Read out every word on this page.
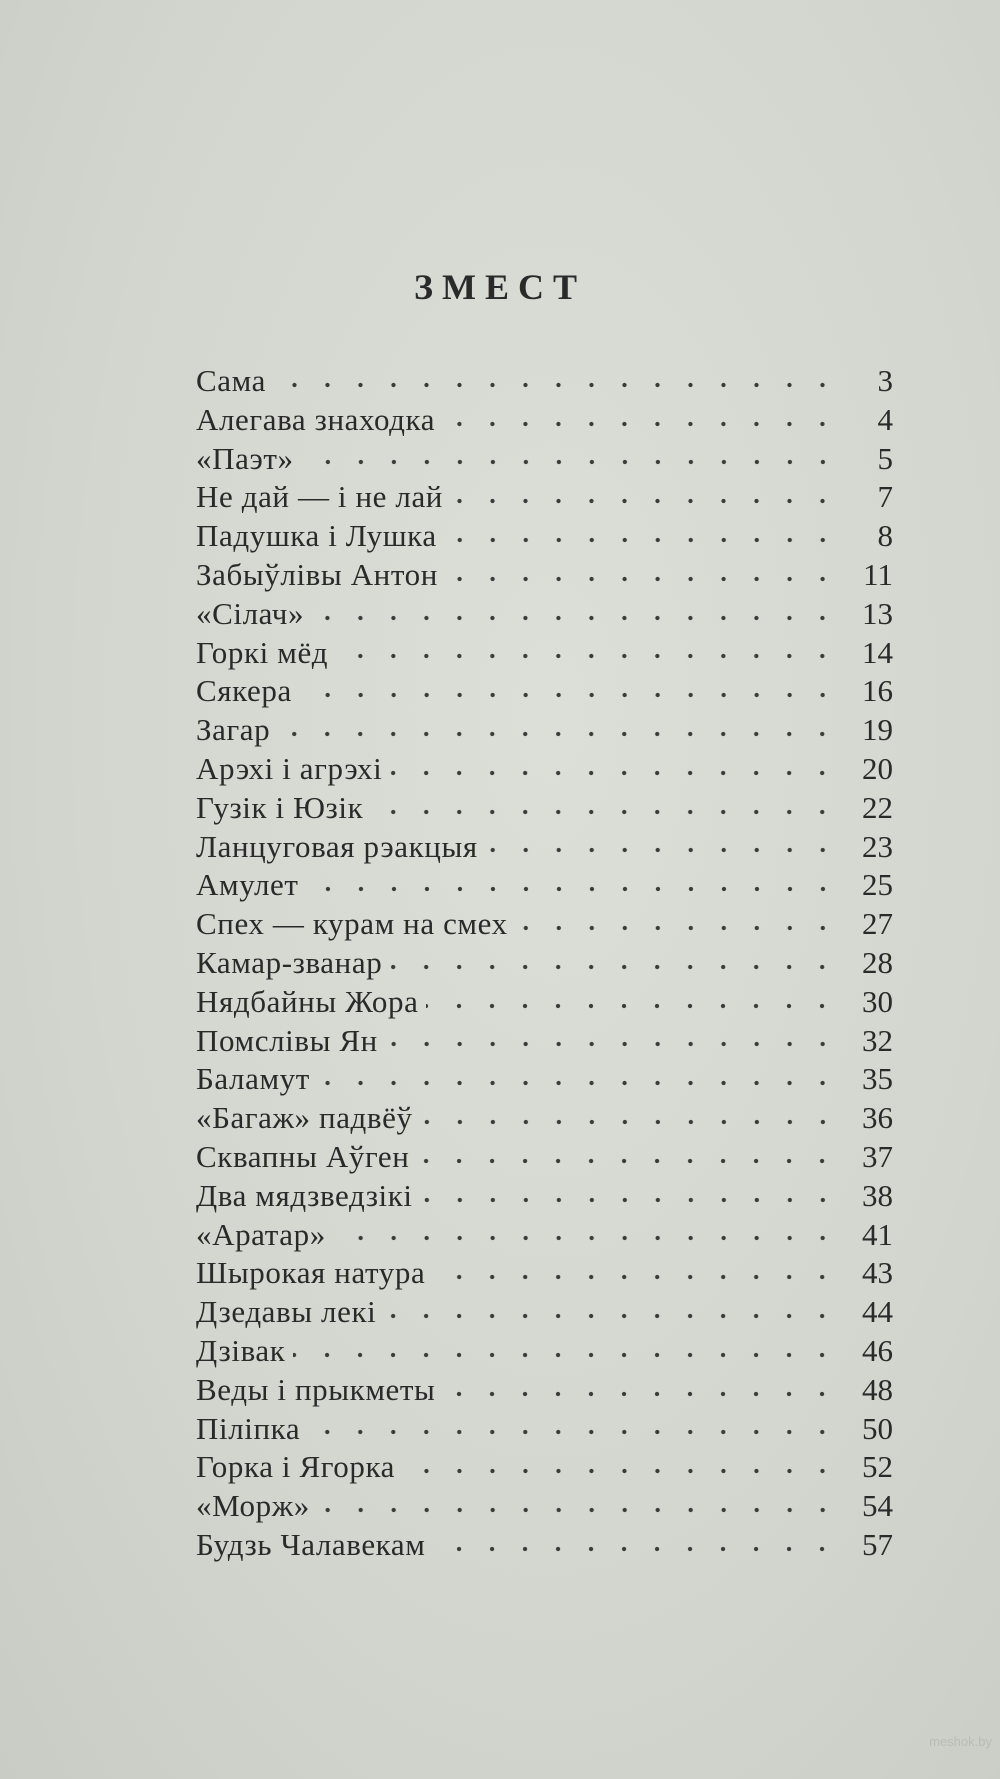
ЗМЕСТ
Сама	3
Алегава знаходка	4
«Паэт»	5
Не дай — і не лай	7
Падушка і Лушка	8
Забыўлівы Антон	11
«Сілач»	13
Горкі мёд	14
Сякера	16
Загар	19
Арэхі і агрэхі	20
Гузік і Юзік	22
Ланцуговая рэакцыя	23
Амулет	25
Спех — курам на смех	27
Камар-званар	28
Нядбайны Жора	30
Помслівы Ян	32
Баламут	35
«Багаж» падвёў	36
Сквапны Аўген	37
Два мядзведзікі	38
«Аратар»	41
Шырокая натура	43
Дзедавы лекі	44
Дзівак	46
Веды і прыкметы	48
Піліпка	50
Горка і Ягорка	52
«Морж»	54
Будзь Чалавекам	57
meshok.by
